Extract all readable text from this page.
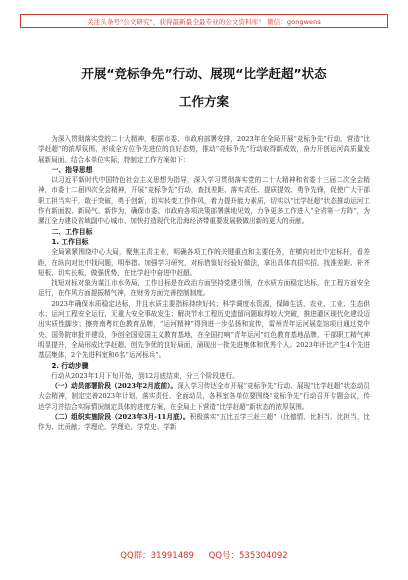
关注头条号"公文研究"，获得最新最全最专业的公文资料库！ 微信：gongwens
开展“竞标争先”行动、展现“比学赶超”状态
工作方案

为深入贯彻落实党的二十大精神，根据市委、市政府部署安排，2023年在全局开展“竞标争先”行动，营造“比学赶超”的浓厚氛围，形成全方位争先进位的良好态势，推动“竞标争先”行动取得新成效，奋力开创运河高质量发展新局面。结合本单位实际，特制定工作方案如下：

一、指导思想

以习近平新时代中国特色社会主义思想为指导，深入学习贯彻落实党的二十大精神和省委十三届二次全会精神，市委十二届四次全会精神，开展“竞标争先”行动，查找差距、落实责任、提质提效、勇争先锋，促使广大干部职工担当实干，敢于突破，勇于创新，切实转变工作作风，着力提升能力素质，切实以“比学赶超”状态推动运河工作有新面貌、新局气、新作为，确保市委、市政府各项决策部署落地见效，力争更多工作进入“全省第一方阵”，为漯江全力建设省域副中心城市、加快打造现代化沿海经济带重要发展极做出新的更大的贡献。

二、工作目标
1. 工作目标

全局紧紧围绕中心大局，聚焦主责主业，明确各项工作的关键重点和主要任务，在横向对比中定标杆，看差距，在纵向对比中找问题，明举措。加强学习研究，对标借鉴好经验好做法，拿出具体真招实招，找准差距、补齐短板、切实长板，做强优势，在比学赶中奋进中赶超。

找短对标对象为谋江市水务局，工作目标是在政治方面坚持党建引领，在水质方面稳定达标，在工程方面安全运行，在作风方面提振精气神，在财务方面完善控制制度。

2023年确保水质稳定达标，并且水质主要指标持续好转；科学调度水资源，保障生活、农业、工业、生态供水；运河工程安全运行，无重大安全事故发生；解决节水工程历史遗留问题取得较大突破，推进灌区现代化建设迈出实质性脚步；擦亮南粤红色教育品牌，“运河精神”得到进一步弘扬和宣传，雷州青年运河展览馆项目通过党中央、国务院审批并建设，争创全国爱国主义教育基地，在全国打响“青年运河”红色教育基地品牌，干部职工精气神明显提升，全局形成比学赶超、创先争优的良好局面，涌现出一批先进集体和优秀个人。2023年评比产生4个先进基层集体，2个先进科室和6名“运河标兵”。

2. 行动步骤

行动从2023年1月下旬开始，到12月底结束，分三个阶段进行。

（一）动员部署阶段（2023年2月底前）。深入学习传达全市开展“竞标争先”行动、展现“比学赶超”状态动员大会精神，制定完善2023年计划，落实责任、全面动员，各科室各单位要围绕“竞标争先”行动召开专题会议，传达学习并结合实际情况制定具体的进度方案，在全局上下营造“比学赶超”新状态的浓厚氛围。

（二）组织实施阶段（2023年3月-11月底）。积极落实“五比五学三赶三超”（比德情、比担当、比担当、比作为、比贡献；学理论、学理论、学党史、学新

QQ群：31991489 QQ号：535304092
